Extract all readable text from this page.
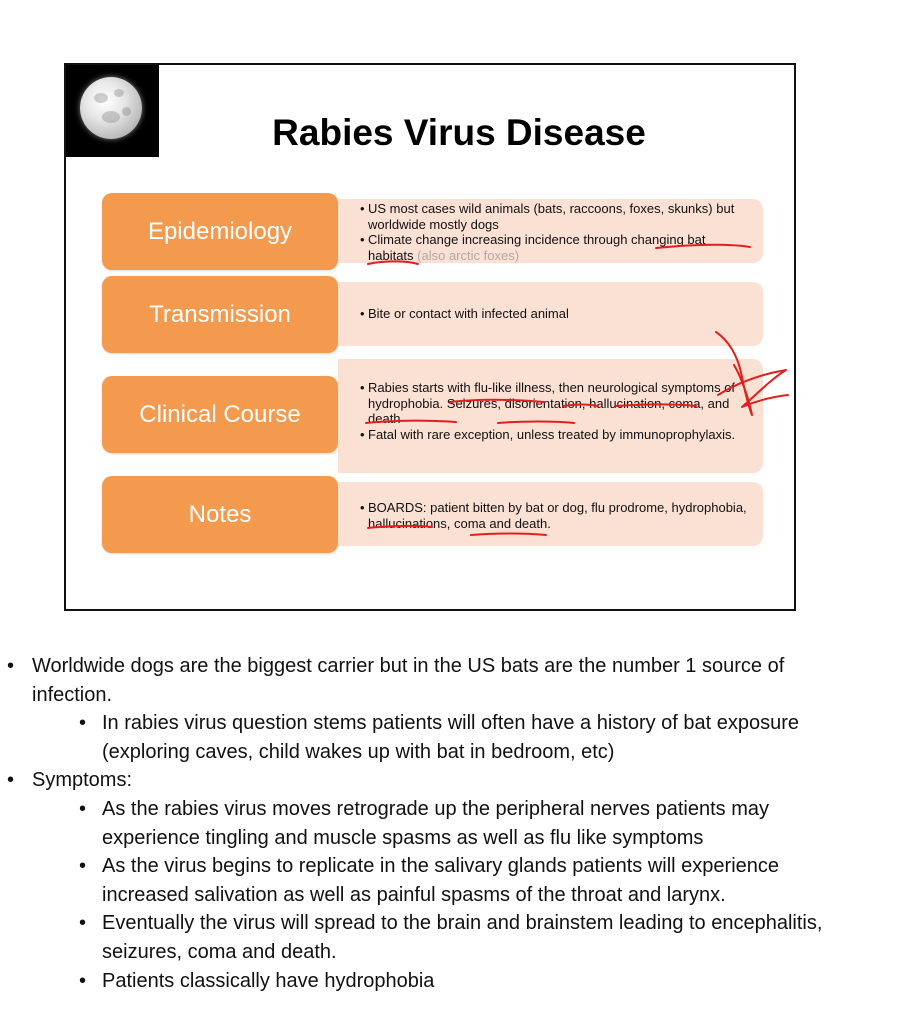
Rabies Virus Disease
Epidemiology
• US most cases wild animals (bats, raccoons, foxes, skunks) but worldwide mostly dogs
• Climate change increasing incidence through changing bat habitats (also arctic foxes)
Transmission	• Bite or contact with infected animal
Clinical Course
• Rabies starts with flu-like illness, then neurological symptoms of hydrophobia. Seizures, disorientation, hallucination, coma, and death
• Fatal with rare exception, unless treated by immunoprophylaxis.
Notes	• BOARDS: patient bitten by bat or dog, flu prodrome, hydrophobia, hallucinations, coma and death.
• Worldwide dogs are the biggest carrier but in the US bats are the number 1 source of infection.
• In rabies virus question stems patients will often have a history of bat exposure (exploring caves, child wakes up with bat in bedroom, etc)
• Symptoms:
• As the rabies virus moves retrograde up the peripheral nerves patients may experience tingling and muscle spasms as well as flu like symptoms
• As the virus begins to replicate in the salivary glands patients will experience increased salivation as well as painful spasms of the throat and larynx.
• Eventually the virus will spread to the brain and brainstem leading to encephalitis, seizures, coma and death.
• Patients classically have hydrophobia
